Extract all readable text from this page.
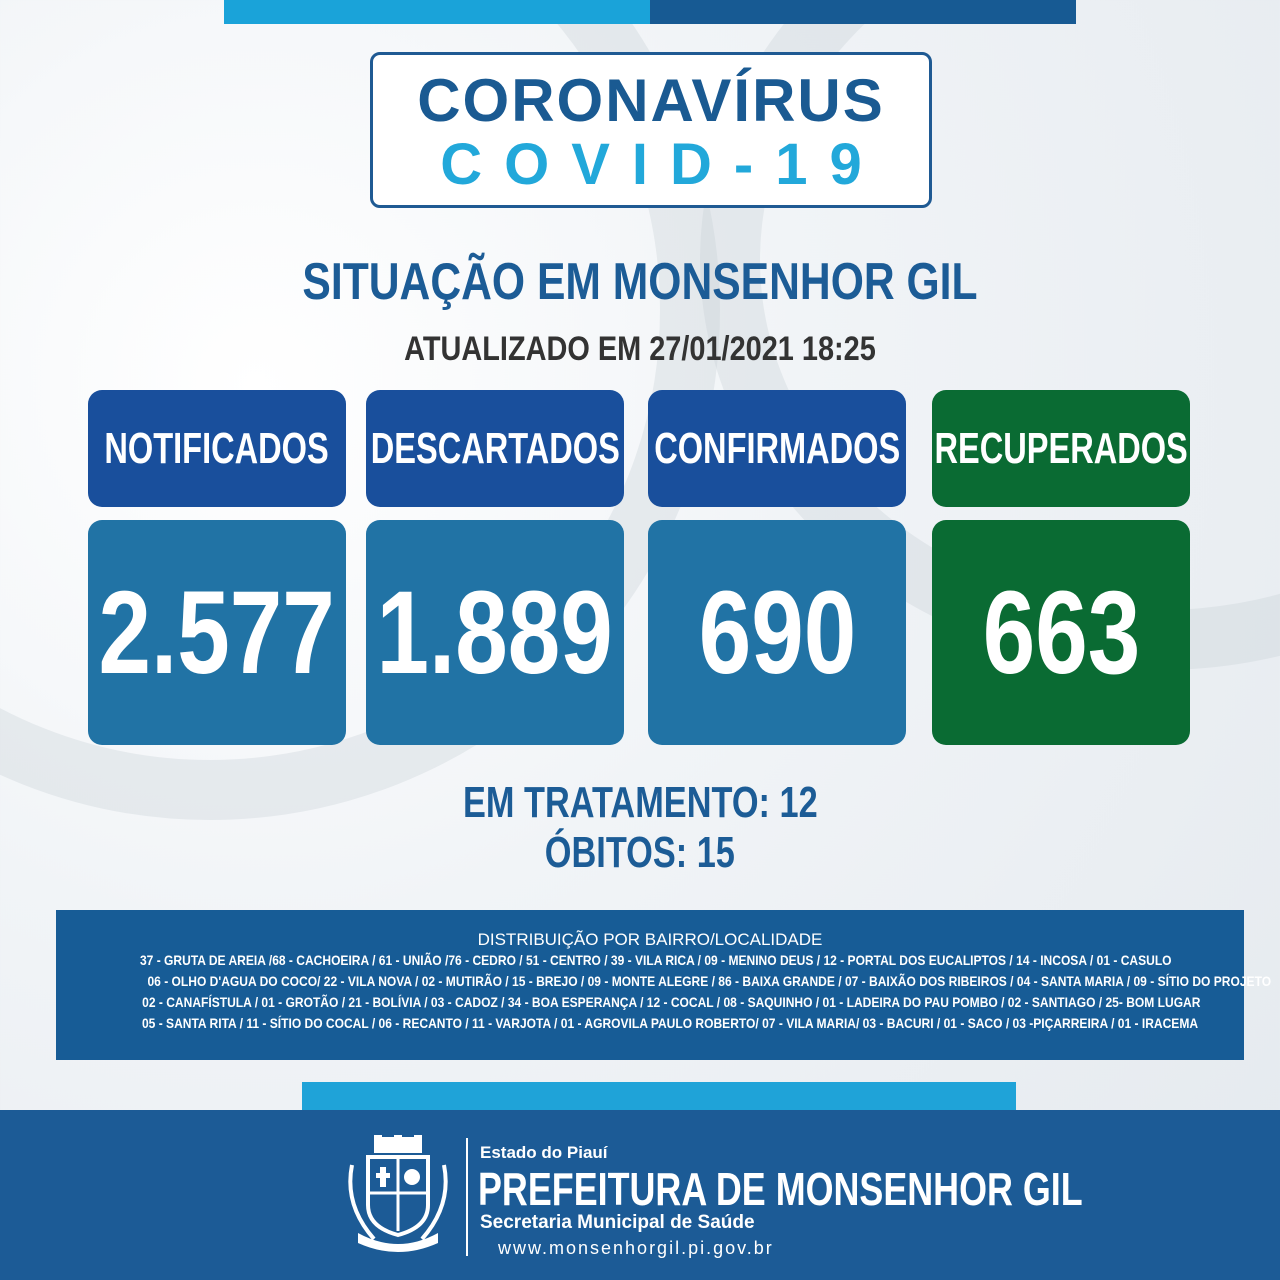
CORONAVÍRUS
COVID-19
SITUAÇÃO EM MONSENHOR GIL
ATUALIZADO EM 27/01/2021 18:25
NOTIFICADOS DESCARTADOS CONFIRMADOS RECUPERADOS
2.577 1.889 690 663
EM TRATAMENTO: 12
ÓBITOS: 15
DISTRIBUIÇÃO POR BAIRRO/LOCALIDADE
37 - GRUTA DE AREIA /68 - CACHOEIRA / 61 - UNIÃO /76 - CEDRO / 51 - CENTRO / 39 - VILA RICA / 09 - MENINO DEUS / 12 - PORTAL DOS EUCALIPTOS / 14 - INCOSA / 01 - CASULO
06 - OLHO D'AGUA DO COCO/ 22 - VILA NOVA / 02 - MUTIRÃO / 15 - BREJO / 09 - MONTE ALEGRE / 86 - BAIXA GRANDE / 07 - BAIXÃO DOS RIBEIROS / 04 - SANTA MARIA / 09 - SÍTIO DO PROJETO
02 - CANAFÍSTULA / 01 - GROTÃO / 21 - BOLÍVIA / 03 - CADOZ / 34 - BOA ESPERANÇA / 12 - COCAL / 08 - SAQUINHO / 01 - LADEIRA DO PAU POMBO / 02 - SANTIAGO / 25- BOM LUGAR
05 - SANTA RITA / 11 - SÍTIO DO COCAL / 06 - RECANTO / 11 - VARJOTA / 01 - AGROVILA PAULO ROBERTO/ 07 - VILA MARIA/ 03 - BACURI / 01 - SACO / 03 -PIÇARREIRA / 01 - IRACEMA
Estado do Piauí
PREFEITURA DE MONSENHOR GIL
Secretaria Municipal de Saúde
www.monsenhorgil.pi.gov.br
